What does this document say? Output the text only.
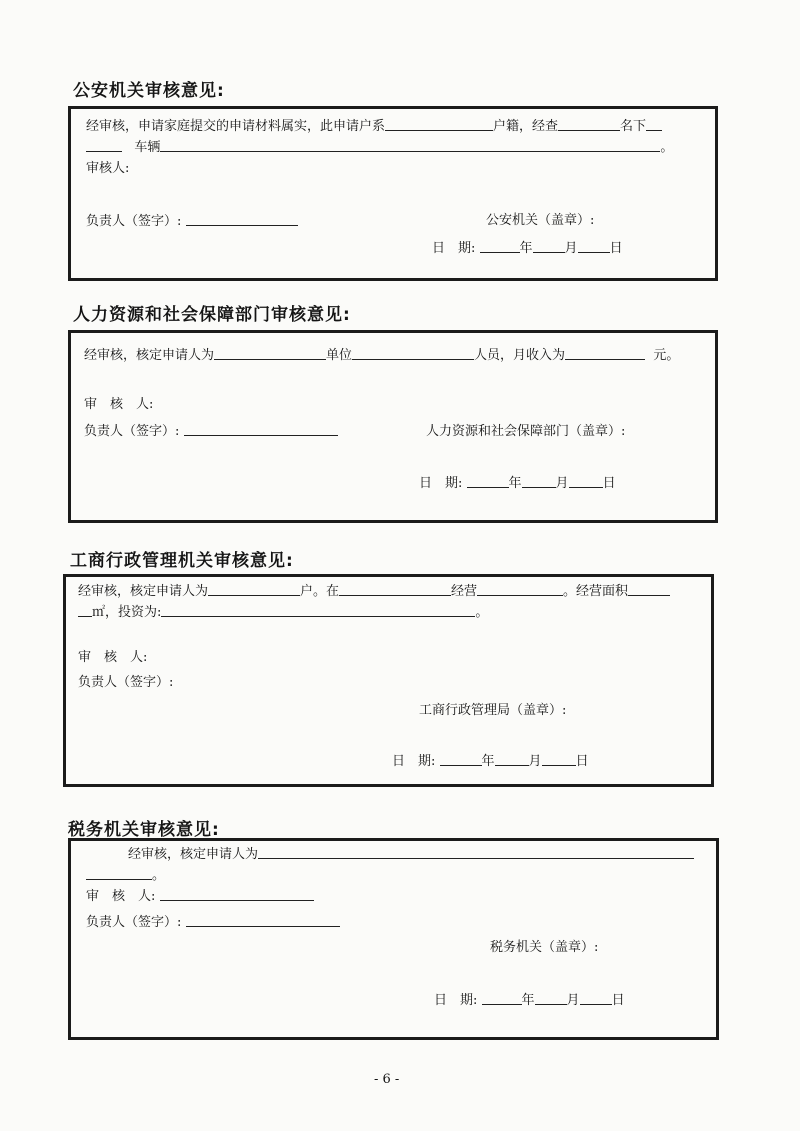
公安机关审核意见:
经审核，申请家庭提交的申请材料属实，此申请户系	户籍，经查	名下
车辆	。
审核人:
负责人（签字）:	公安机关（盖章）:
日　期:	年 月 日
人力资源和社会保障部门审核意见:
经审核，核定申请人为	单位	人员，月收入为	元。
审　核　人:
负责人（签字）:	人力资源和社会保障部门（盖章）:
日　期:	年	月	日
工商行政管理机关审核意见:
经审核，核定申请人为	户。在	经营	。经营面积
㎡，投资为:	。
审　核　人:
负责人（签字）:
工商行政管理局（盖章）:
日　期:	年	月	日
税务机关审核意见:
经审核，核定申请人为
。
审　核　人:
负责人（签字）:
税务机关（盖章）:
日　期:	年 月 日
- 6 -
